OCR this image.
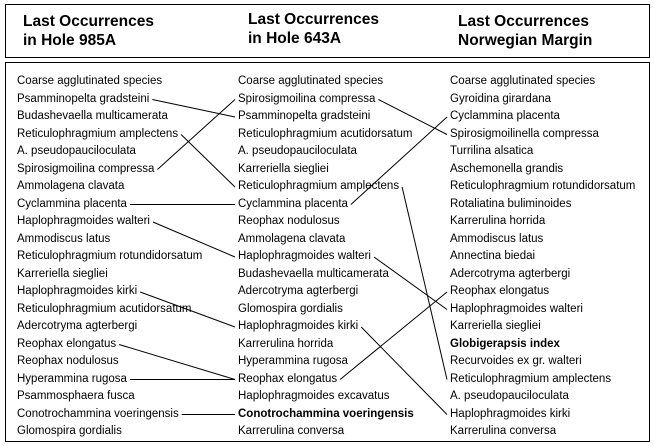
Last Occurrences
in Hole 985A
Last Occurrences
in Hole 643A
Last Occurrences
Norwegian Margin
Coarse agglutinated species
Psamminopelta gradsteini
Budashevaella multicamerata
Reticulophragmium amplectens
A. pseudopauciloculata
Spirosigmoilina compressa
Ammolagena clavata
Cyclammina placenta
Haplophragmoides walteri
Ammodiscus latus
Reticulophragmium rotundidorsatum
Karreriella siegliei
Haplophragmoides kirki
Reticulophragmium acutidorsatum
Adercotryma agterbergi
Reophax elongatus
Reophax nodulosus
Hyperammina rugosa
Psammosphaera fusca
Conotrochammina voeringensis
Glomospira gordialis
Coarse agglutinated species
Spirosigmoilina compressa
Psamminopelta gradsteini
Reticulophragmium acutidorsatum
A. pseudopauciloculata
Karreriella siegliei
Reticulophragmium amplectens
Cyclammina placenta
Reophax nodulosus
Ammolagena clavata
Haplophragmoides walteri
Budashevaella multicamerata
Adercotryma agterbergi
Glomospira gordialis
Haplophragmoides kirki
Karrerulina horrida
Hyperammina rugosa
Reophax elongatus
Haplophragmoides excavatus
Conotrochammina voeringensis
Karrerulina conversa
Coarse agglutinated species
Gyroidina girardana
Cyclammina placenta
Spirosigmoilinella compressa
Turrilina alsatica
Aschemonella grandis
Reticulophragmium rotundidorsatum
Rotaliatina buliminoides
Karrerulina horrida
Ammodiscus latus
Annectina biedai
Adercotryma agterbergi
Reophax elongatus
Haplophragmoides walteri
Karreriella siegliei
Globigerapsis index
Recurvoides ex gr. walteri
Reticulophragmium amplectens
A. pseudopauciloculata
Haplophragmoides kirki
Karrerulina conversa
